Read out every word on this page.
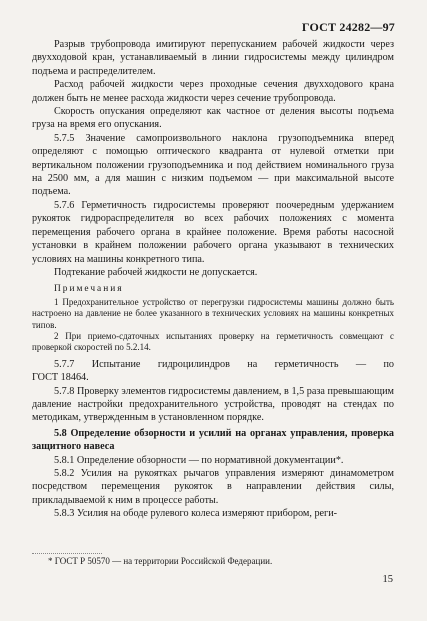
ГОСТ 24282—97

Разрыв трубопровода имитируют перепусканием рабочей жидкости через двухходовой кран, устанавливаемый в линии гидросистемы между цилиндром подъема и распределителем.

Расход рабочей жидкости через проходные сечения двухходового крана должен быть не менее расхода жидкости через сечение трубопровода.

Скорость опускания определяют как частное от деления высоты подъема груза на время его опускания.

5.7.5 Значение самопроизвольного наклона грузоподъемника вперед определяют с помощью оптического квадранта от нулевой отметки при вертикальном положении грузоподъемника и под действием номинального груза на 2500 мм, а для машин с низким подъемом — при максимальной высоте подъема.

5.7.6 Герметичность гидросистемы проверяют поочередным удержанием рукояток гидрораспределителя во всех рабочих положениях с момента перемещения рабочего органа в крайнее положение. Время работы насосной установки в крайнем положении рабочего органа указывают в технических условиях на машины конкретного типа.

Подтекание рабочей жидкости не допускается.

Примечания

1 Предохранительное устройство от перегрузки гидросистемы машины должно быть настроено на давление не более указанного в технических условиях на машины конкретных типов.

2 При приемо-сдаточных испытаниях проверку на герметичность совмещают с проверкой скоростей по 5.2.14.

5.7.7 Испытание гидроцилиндров на герметичность — по

ГОСТ 18464.

5.7.8 Проверку элементов гидросистемы давлением, в 1,5 раза превышающим давление настройки предохранительного устройства, проводят на стендах по методикам, утвержденным в установленном порядке.

5.8 Определение обзорности и усилий на органах управления, проверка защитного навеса

5.8.1 Определение обзорности — по нормативной документации*.

5.8.2 Усилия на рукоятках рычагов управления измеряют динамометром посредством перемещения рукояток в направлении действия силы, прикладываемой к ним в процессе работы.

5.8.3 Усилия на ободе рулевого колеса измеряют прибором, реги-

* ГОСТ Р 50570 — на территории Российской Федерации.
15
